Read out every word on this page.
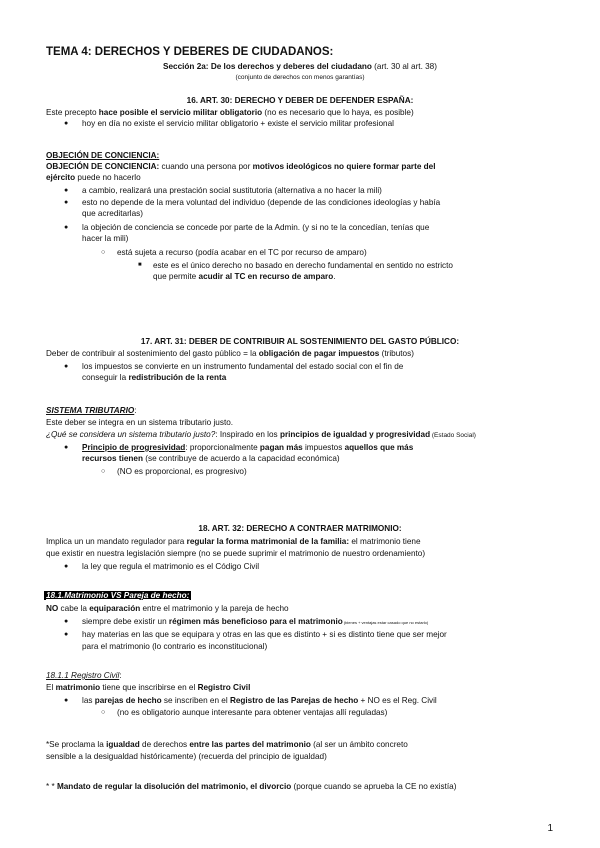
TEMA 4: DERECHOS Y DEBERES DE CIUDADANOS:
Sección 2a: De los derechos y deberes del ciudadano (art. 30 al art. 38)
(conjunto de derechos con menos garantías)
16. ART. 30: DERECHO Y DEBER DE DEFENDER ESPAÑA:
Este precepto hace posible el servicio militar obligatorio (no es necesario que lo haya, es posible)
● hoy en día no existe el servicio militar obligatorio + existe el servicio militar profesional
OBJECIÓN DE CONCIENCIA:
OBJECIÓN DE CONCIENCIA: cuando una persona por motivos ideológicos no quiere formar parte del
ejército puede no hacerlo
● a cambio, realizará una prestación social sustitutoria (alternativa a no hacer la mili)
● esto no depende de la mera voluntad del individuo (depende de las condiciones ideologías y había
que acreditarlas)
● la objeción de conciencia se concede por parte de la Admin. (y si no te la concedían, tenías que
hacer la mili)
○ está sujeta a recurso (podía acabar en el TC por recurso de amparo)
■ este es el único derecho no basado en derecho fundamental en sentido no estricto
que permite acudir al TC en recurso de amparo.
17. ART. 31: DEBER DE CONTRIBUIR AL SOSTENIMIENTO DEL GASTO PÚBLICO:
Deber de contribuir al sostenimiento del gasto público = la obligación de pagar impuestos (tributos)
● los impuestos se convierte en un instrumento fundamental del estado social con el fin de
conseguir la redistribución de la renta
SISTEMA TRIBUTARIO:
Este deber se integra en un sistema tributario justo.
¿Qué se considera un sistema tributario justo?: Inspirado en los principios de igualdad y progresividad (Estado Social)
● Principio de progresividad: proporcionalmente pagan más impuestos aquellos que más
recursos tienen (se contribuye de acuerdo a la capacidad económica)
○ (NO es proporcional, es progresivo)
18. ART. 32: DERECHO A CONTRAER MATRIMONIO:
Implica un un mandato regulador para regular la forma matrimonial de la familia: el matrimonio tiene
que existir en nuestra legislación siempre (no se puede suprimir el matrimonio de nuestro ordenamiento)
● la ley que regula el matrimonio es el Código Civil
18.1.Matrimonio VS Pareja de hecho:
NO cabe la equiparación entre el matrimonio y la pareja de hecho
● siempre debe existir un régimen más beneficioso para el matrimonio (bienes + ventajas estar casado que no estarlo)
● hay materias en las que se equipara y otras en las que es distinto + si es distinto tiene que ser mejor
para el matrimonio (lo contrario es inconstitucional)
18.1.1 Registro Civil:
El matrimonio tiene que inscribirse en el Registro Civil
● las parejas de hecho se inscriben en el Registro de las Parejas de hecho + NO es el Reg. Civil
○ (no es obligatorio aunque interesante para obtener ventajas allí reguladas)
*Se proclama la igualdad de derechos entre las partes del matrimonio (al ser un ámbito concreto
sensible a la desigualdad históricamente) (recuerda del principio de igualdad)
* * Mandato de regular la disolución del matrimonio, el divorcio (porque cuando se aprueba la CE no existía)
1
